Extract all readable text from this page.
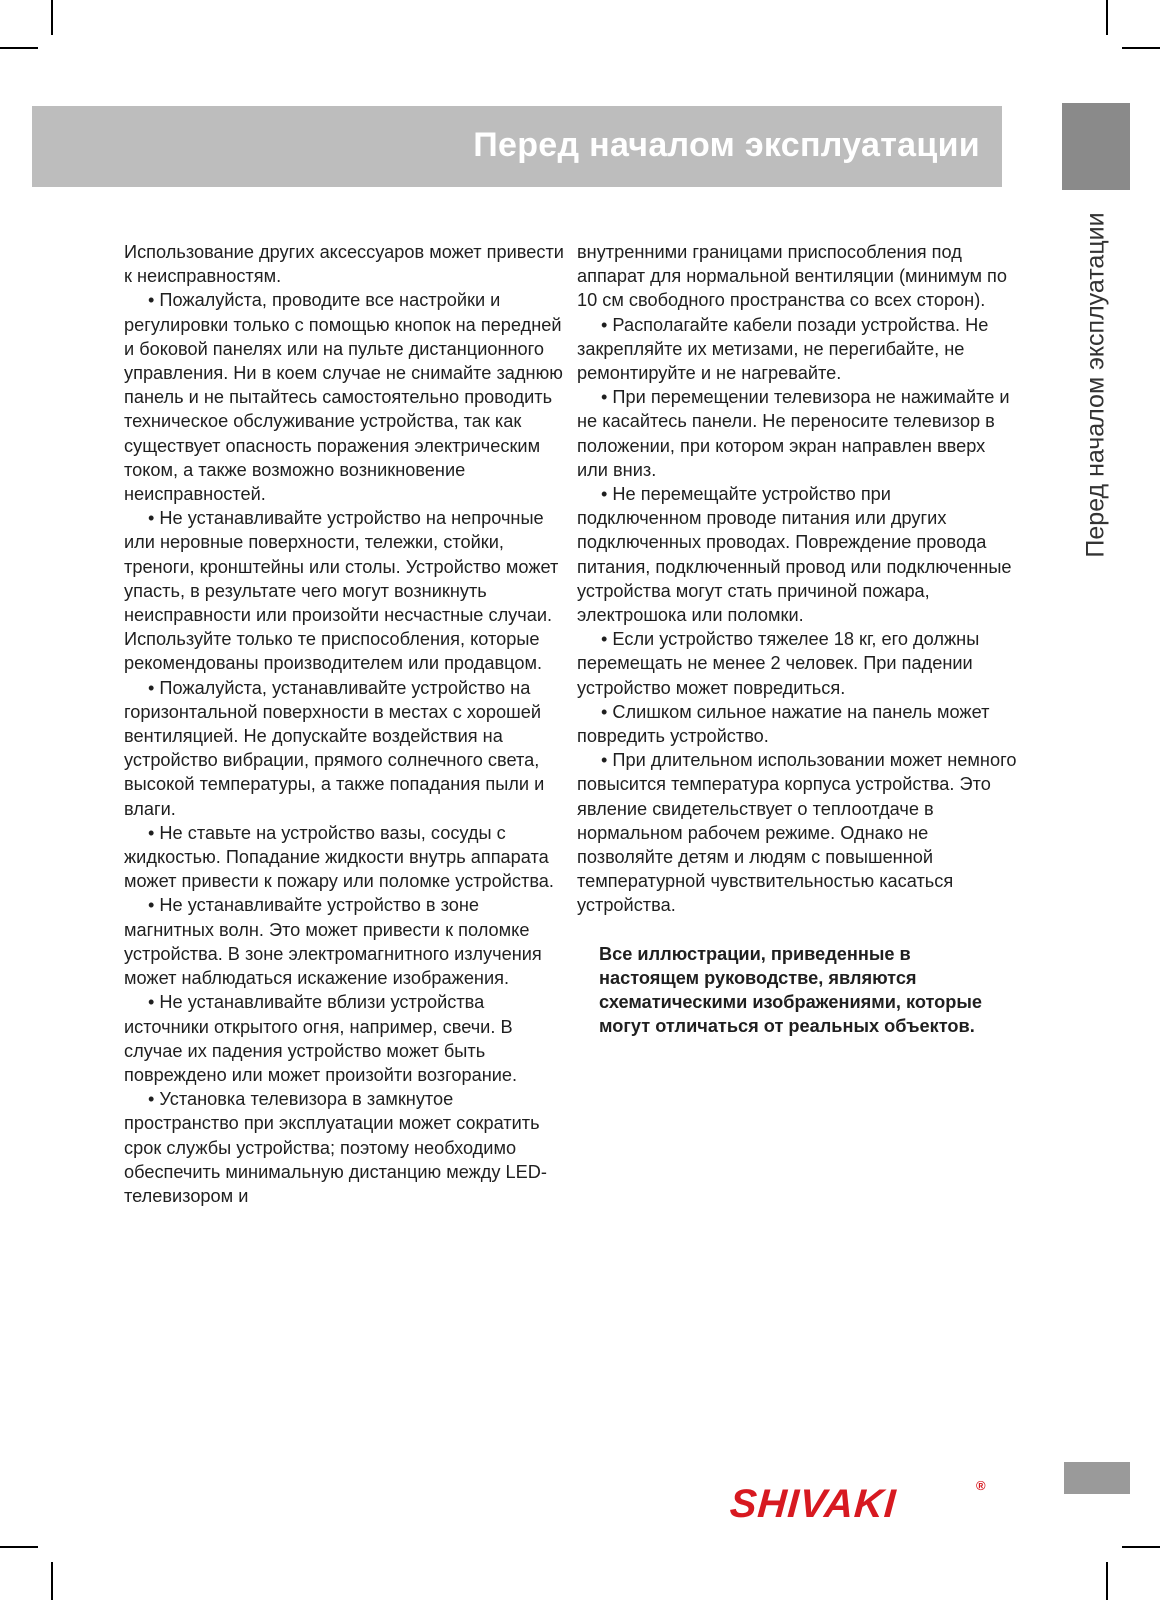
Перед началом эксплуатации
Перед началом эксплуатации

Использование других аксессуаров может привести к неисправностям.

• Пожалуйста, проводите все настройки и регулировки только с помощью кнопок на передней и боковой панелях или на пульте дистанционного управления. Ни в коем случае не снимайте заднюю панель и не пытайтесь самостоятельно проводить техническое обслуживание устройства, так как существует опасность поражения электрическим током, а также возможно возникновение неисправностей.

• Не устанавливайте устройство на непрочные или неровные поверхности, тележки, стойки, треноги, кронштейны или столы. Устройство может упасть, в результате чего могут возникнуть неисправности или произойти несчастные случаи. Используйте только те приспособления, которые рекомендованы производителем или продавцом.

• Пожалуйста, устанавливайте устройство на горизонтальной поверхности в местах с хорошей вентиляцией. Не допускайте воздействия на устройство вибрации, прямого солнечного света, высокой температуры, а также попадания пыли и влаги.

• Не ставьте на устройство вазы, сосуды с жидкостью. Попадание жидкости внутрь аппарата может привести к пожару или поломке устройства.

• Не устанавливайте устройство в зоне магнитных волн. Это может привести к поломке устройства. В зоне электромагнитного излучения может наблюдаться искажение изображения.

• Не устанавливайте вблизи устройства источники открытого огня, например, свечи. В случае их падения устройство может быть повреждено или может произойти возгорание.

• Установка телевизора в замкнутое пространство при эксплуатации может сократить срок службы устройства; поэтому необходимо обеспечить минимальную дистанцию между LED-телевизором и

внутренними границами приспособления под аппарат для нормальной вентиляции (минимум по 10 см свободного пространства со всех сторон).

• Располагайте кабели позади устройства. Не закрепляйте их метизами, не перегибайте, не ремонтируйте и не нагревайте.

• При перемещении телевизора не нажимайте и не касайтесь панели. Не переносите телевизор в положении, при котором экран направлен вверх или вниз.

• Не перемещайте устройство при подключенном проводе питания или других подключенных проводах. Повреждение провода питания, подключенный провод или подключенные устройства могут стать причиной пожара, электрошока или поломки.

• Если устройство тяжелее 18 кг, его должны перемещать не менее 2 человек. При падении устройство может повредиться.

• Слишком сильное нажатие на панель может повредить устройство.

• При длительном использовании может немного повысится температура корпуса устройства. Это явление свидетельствует о теплоотдаче в нормальном рабочем режиме. Однако не позволяйте детям и людям с повышенной температурной чувствительностью касаться устройства.

Все иллюстрации, приведенные в настоящем руководстве, являются схематическими изображениями, которые могут отличаться от реальных объектов.

SHIVAKI	®
